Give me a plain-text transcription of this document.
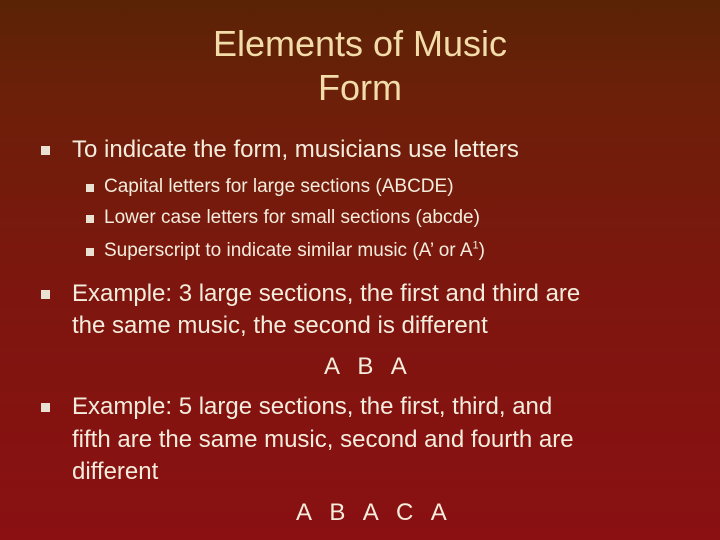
Elements of Music
Form
To indicate the form, musicians use letters
Capital letters for large sections (ABCDE)
Lower case letters for small sections (abcde)
Superscript to indicate similar music (A’ or $A^1$)
Example: 3 large sections, the first and third are
the same music, the second is different
A B A
Example: 5 large sections, the first, third, and
fifth are the same music, second and fourth are
different
A B A C A
